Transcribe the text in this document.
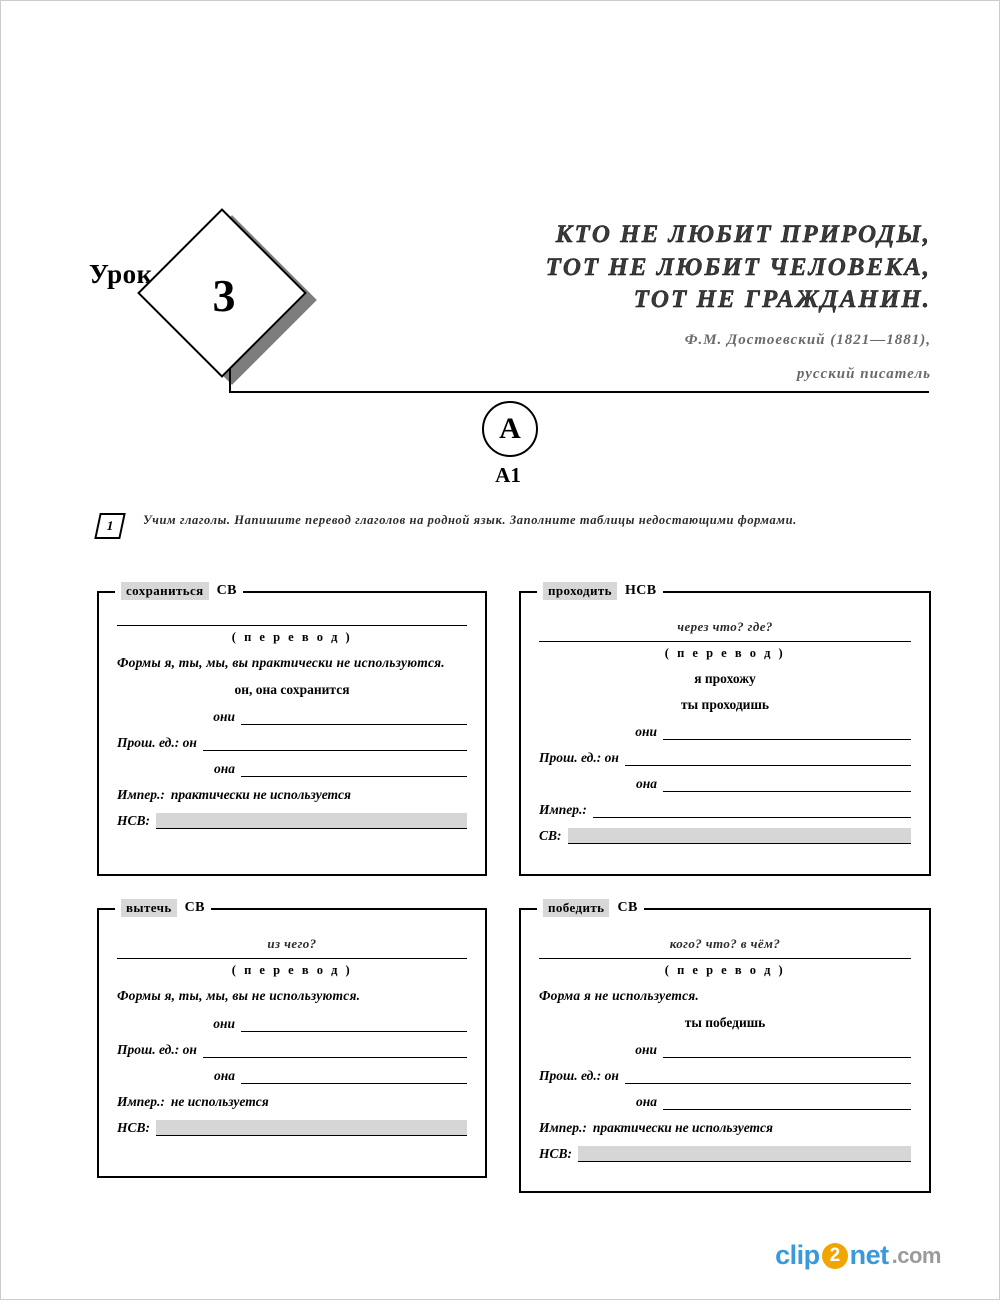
Урок	3
КТО НЕ ЛЮБИТ ПРИРОДЫ,
ТОТ НЕ ЛЮБИТ ЧЕЛОВЕКА,
ТОТ НЕ ГРАЖДАНИН.
Ф.М. Достоевский (1821—1881),
русский писатель
A
A1
1	Учим глаголы. Напишите перевод глаголов на родной язык. Заполните таблицы недостающими формами.
сохраниться СВ
( п е р е в о д )
Формы я, ты, мы, вы практически не используются.
он, она сохранится
они
Прош. ед.: он
она
Импер.: практически не используется
НСВ:
проходить НСВ
через что? где?
( п е р е в о д )
я прохожу
ты проходишь
они
Прош. ед.: он
она
Импер.:
СВ:
вытечь СВ
из чего?
( п е р е в о д )
Формы я, ты, мы, вы не используются.
они
Прош. ед.: он
она
Импер.: не используется
НСВ:
победить СВ
кого? что? в чём?
( п е р е в о д )
Форма я не используется.
ты победишь
они
Прош. ед.: он
она
Импер.: практически не используется
НСВ:
clip 2 net .com
